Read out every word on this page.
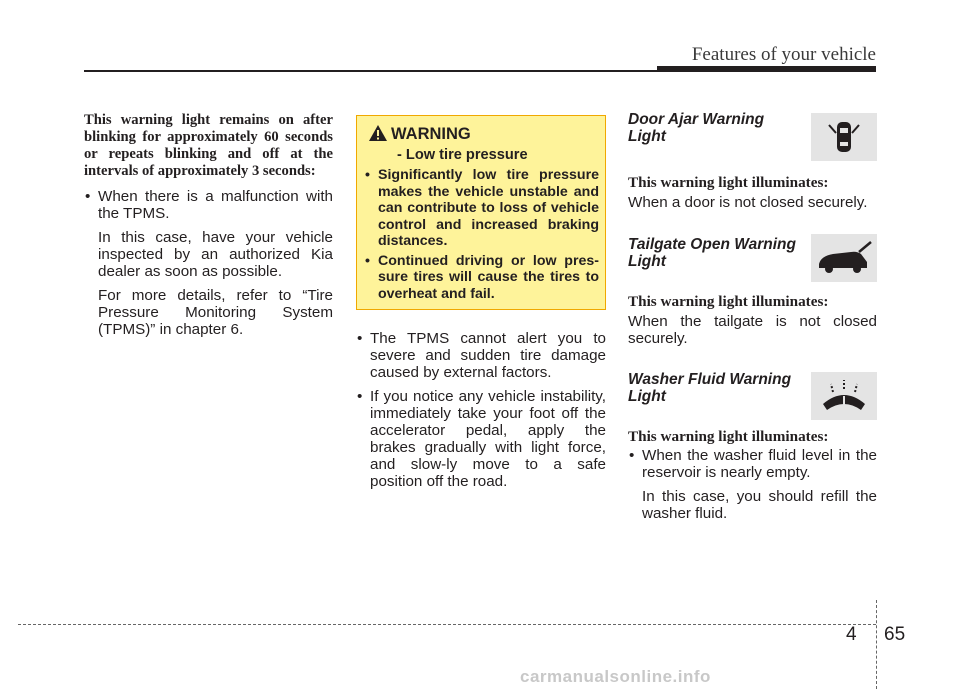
Features of your vehicle
This warning light remains on after blinking for approximately 60 seconds or repeats blinking and off at the intervals of approximately 3 seconds:
• When there is a malfunction with the TPMS.
In this case, have your vehicle inspected by an authorized Kia dealer as soon as possible.
For more details, refer to “Tire Pressure Monitoring System (TPMS)” in chapter 6.
WARNING
- Low tire pressure
• Significantly low tire pressure makes the vehicle unstable and can contribute to loss of vehicle control and increased braking distances.
• Continued driving or low pres-sure tires will cause the tires to overheat and fail.
• The TPMS cannot alert you to severe and sudden tire damage caused by external factors.
• If you notice any vehicle instability, immediately take your foot off the accelerator pedal, apply the brakes gradually with light force, and slow-ly move to a safe position off the road.
Door Ajar Warning Light
This warning light illuminates:
When a door is not closed securely.
Tailgate Open Warning Light
This warning light illuminates:
When the tailgate is not closed securely.
Washer Fluid Warning Light
This warning light illuminates:
• When the washer fluid level in the reservoir is nearly empty.
In this case, you should refill the washer fluid.
4 65
carmanualsonline.info
